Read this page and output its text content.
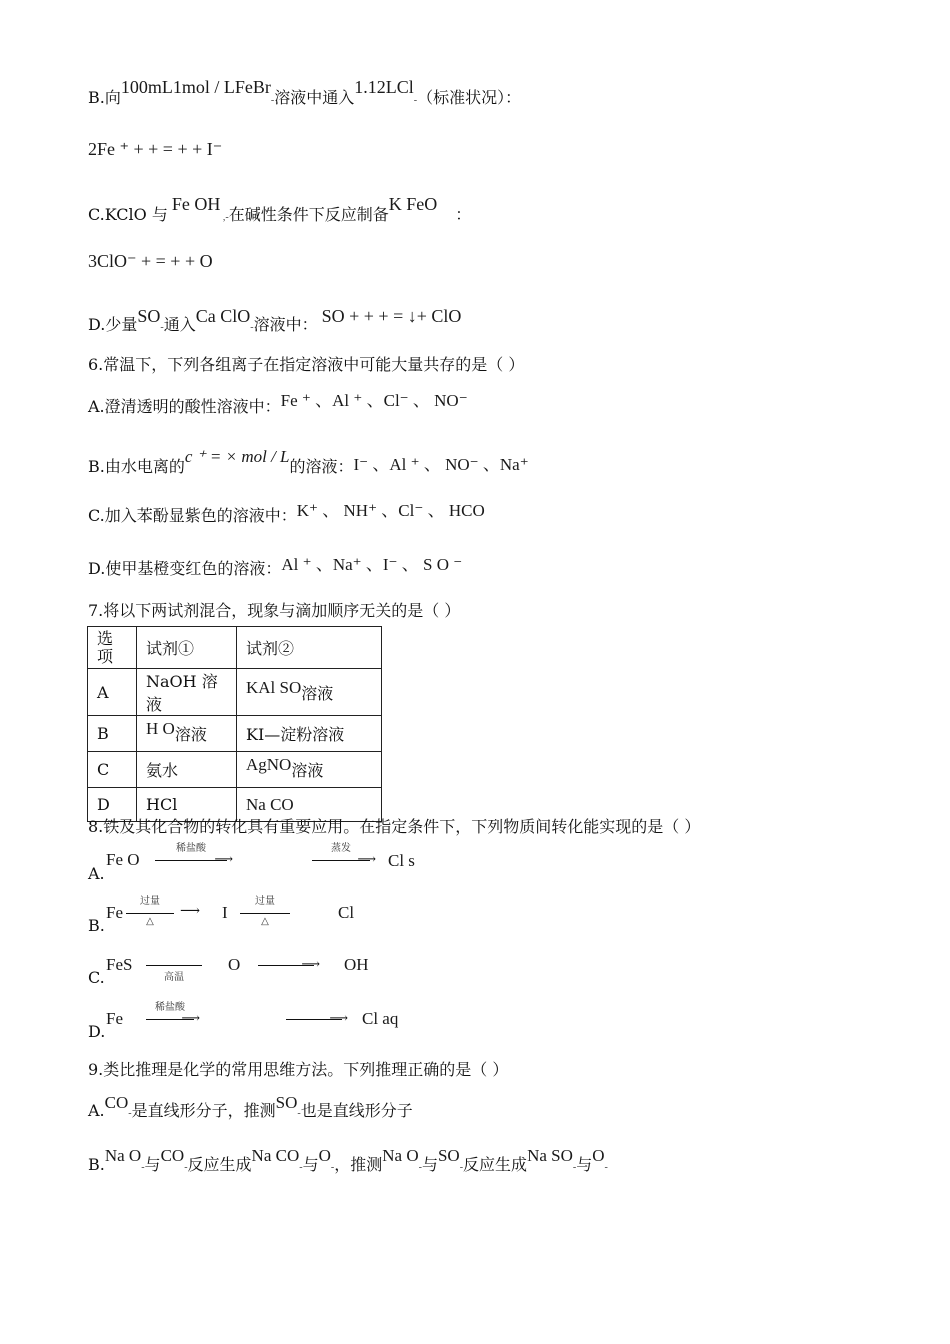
B.向100mL1mol / LFeBr-溶液中通入1.12LCl-（标准状况）：
2Fe ⁺ + + = + + I⁻
C.KClO 与Fe OH ,-在碱性条件下反应制备K FeO：
3ClO⁻ + = + + O
D.少量SO-通入Ca ClO-溶液中： SO + + + = ↓+ ClO
6.常温下，下列各组离子在指定溶液中可能大量共存的是（ ）
A.澄清透明的酸性溶液中：Fe ⁺ 、Al ⁺ 、Cl⁻ 、 NO⁻
B.由水电离的c ⁺ = × mol / L的溶液：I⁻ 、Al ⁺ 、 NO⁻ 、Na⁺
C.加入苯酚显紫色的溶液中：K⁺ 、 NH⁺ 、Cl⁻ 、 HCO
D.使甲基橙变红色的溶液：Al ⁺ 、Na⁺ 、I⁻ 、 S O ⁻
7.将以下两试剂混合，现象与滴加顺序无关的是（ ）
选
项	试剂①	试剂②
A	NaOH 溶液	KAl SO溶液
B	H O溶液	KI—淀粉溶液
C	氨水	AgNO溶液
D	HCl	Na CO
8.铁及其化合物的转化具有重要应用。在指定条件下，下列物质间转化能实现的是（ ）
A.
Fe O
稀盐酸
⟶
蒸发
⟶ Cl s
B.
Fe
过量
△
⟶ I
过量
△	Cl
C.
FeS
高温
O	⟶ OH
D.
Fe
稀盐酸
⟶	⟶ Cl aq
9.类比推理是化学的常用思维方法。下列推理正确的是（ ）
A.CO-是直线形分子，推测SO-也是直线形分子
B.Na O-与CO-反应生成Na CO-与O-，推测Na O-与SO-反应生成Na SO-与O-
